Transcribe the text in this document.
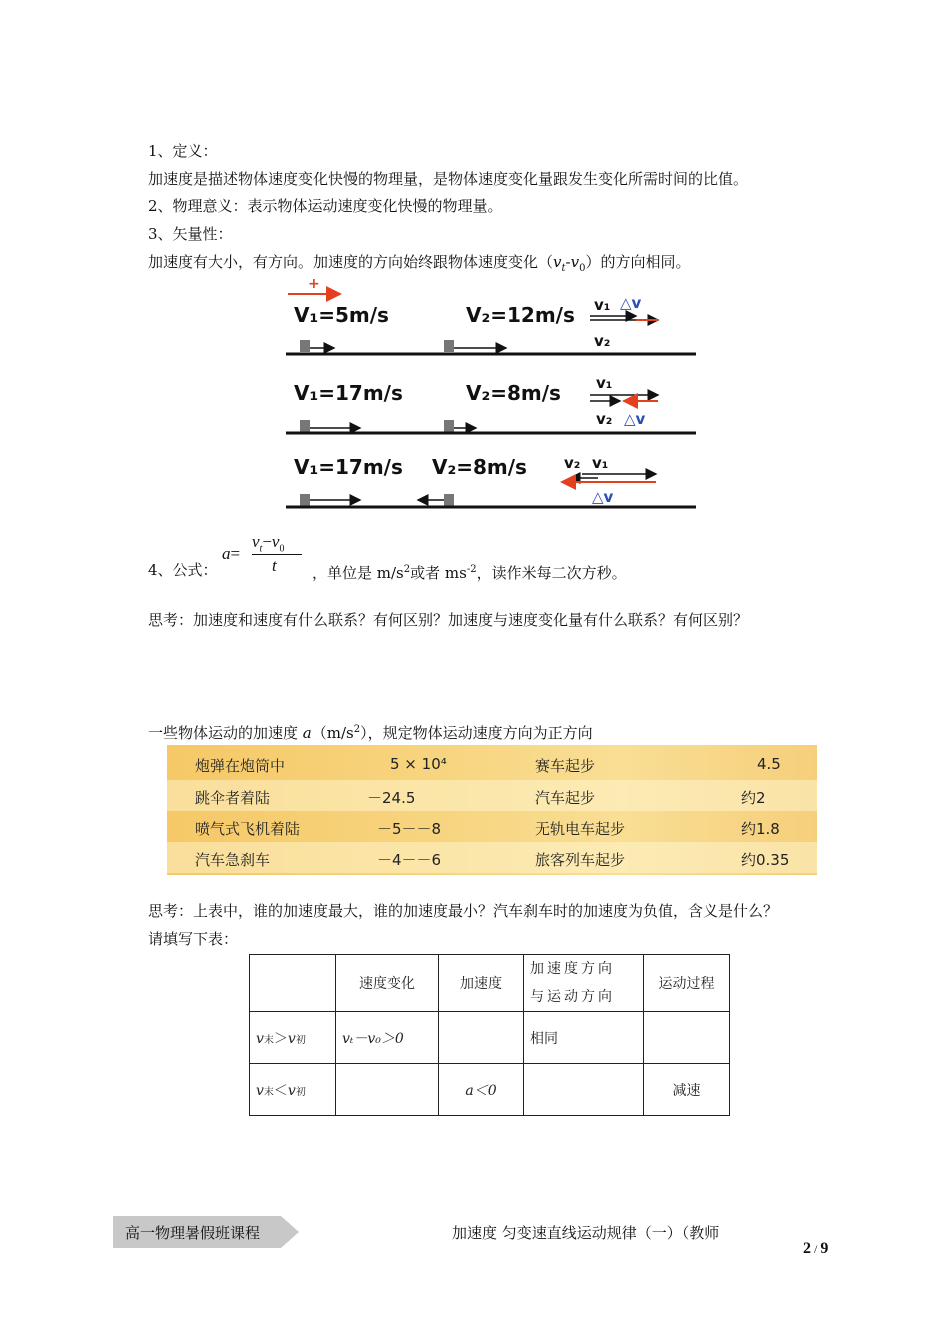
1、定义：
加速度是描述物体速度变化快慢的物理量，是物体速度变化量跟发生变化所需时间的比值。
2、物理意义：表示物体运动速度变化快慢的物理量。
3、矢量性：
加速度有大小，有方向。加速度的方向始终跟物体速度变化$(v_t-v_0)$的方向相同。
+
V₁=5m/s	V₂=12m/s v₁ △v
v₂
V₁=17m/s	V₂=8m/s v₁
v₂ △v
V₁=17m/s V₂=8m/s v₂ v₁
△v
4、公式：
a=
$v_t-v_0$
t ，单位是 $m/s^2$或者 $ms^{-2}$，读作米每二次方秒。
思考：加速度和速度有什么联系？有何区别？加速度与速度变化量有什么联系？有何区别？
一些物体运动的加速度 $a(m/s^2)$，规定物体运动速度方向为正方向
炮弹在炮筒中	5 × 10⁴	赛车起步	4.5
跳伞者着陆	－24.5	汽车起步	约2
喷气式飞机着陆	－5－－8	无轨电车起步	约1.8
汽车急刹车	－4－－6	旅客列车起步	约0.35
思考：上表中，谁的加速度最大，谁的加速度最小？汽车刹车时的加速度为负值，含义是什么？
请填写下表：
	速度变化	加速度	加速度方向
与运动方向	运动过程
v末＞v初	vₜ－v₀＞0		相同	
v末＜v初		a＜0		减速
高一物理暑假班课程	加速度 匀变速直线运动规律（一）（教师
2 / 9
